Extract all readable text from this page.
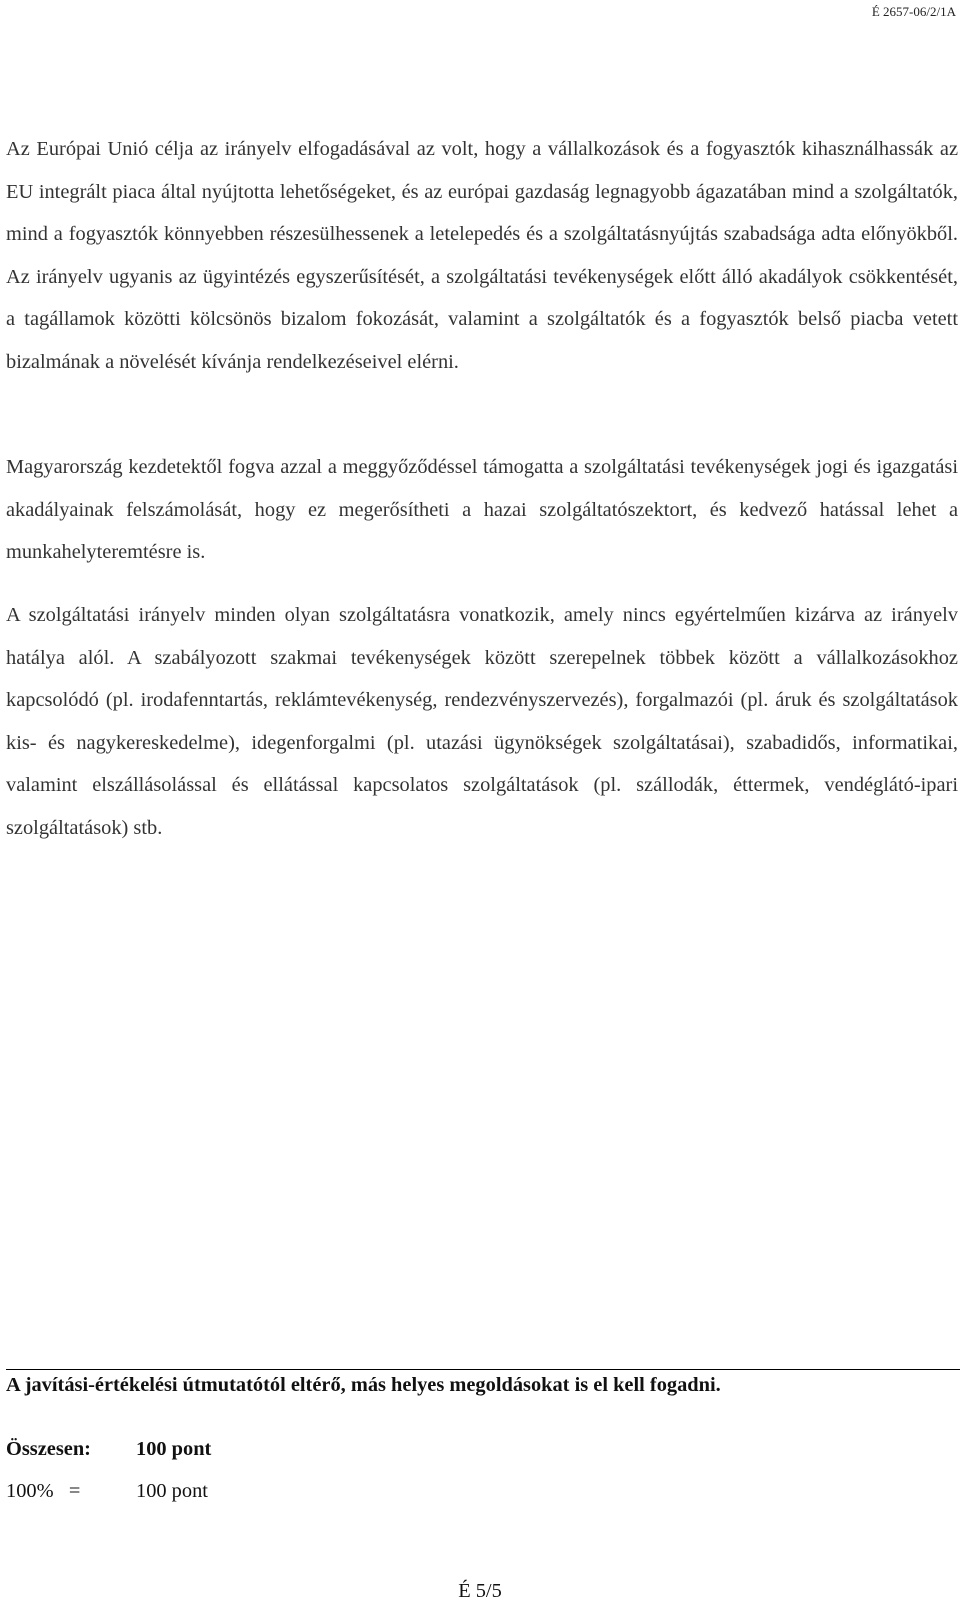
É 2657-06/2/1A

Az Európai Unió célja az irányelv elfogadásával az volt, hogy a vállalkozások és a fogyasztók kihasználhassák az EU integrált piaca által nyújtotta lehetőségeket, és az európai gazdaság legnagyobb ágazatában mind a szolgáltatók, mind a fogyasztók könnyebben részesülhessenek a letelepedés és a szolgáltatásnyújtás szabadsága adta előnyökből. Az irányelv ugyanis az ügyintézés egyszerűsítését, a szolgáltatási tevékenységek előtt álló akadályok csökkentését, a tagállamok közötti kölcsönös bizalom fokozását, valamint a szolgáltatók és a fogyasztók belső piacba vetett bizalmának a növelését kívánja rendelkezéseivel elérni.

Magyarország kezdetektől fogva azzal a meggyőződéssel támogatta a szolgáltatási tevékenységek jogi és igazgatási akadályainak felszámolását, hogy ez megerősítheti a hazai szolgáltatószektort, és kedvező hatással lehet a munkahelyteremtésre is.

A szolgáltatási irányelv minden olyan szolgáltatásra vonatkozik, amely nincs egyértelműen kizárva az irányelv hatálya alól. A szabályozott szakmai tevékenységek között szerepelnek többek között a vállalkozásokhoz kapcsolódó (pl. irodafenntartás, reklámtevékenység, rendezvényszervezés), forgalmazói (pl. áruk és szolgáltatások kis- és nagykereskedelme), idegenforgalmi (pl. utazási ügynökségek szolgáltatásai), szabadidős, informatikai, valamint elszállásolással és ellátással kapcsolatos szolgáltatások (pl. szállodák, éttermek, vendéglátó-ipari szolgáltatások) stb.

A javítási-értékelési útmutatótól eltérő, más helyes megoldásokat is el kell fogadni.

Összesen: 100 pont
100%   =	100 pont
É 5/5
